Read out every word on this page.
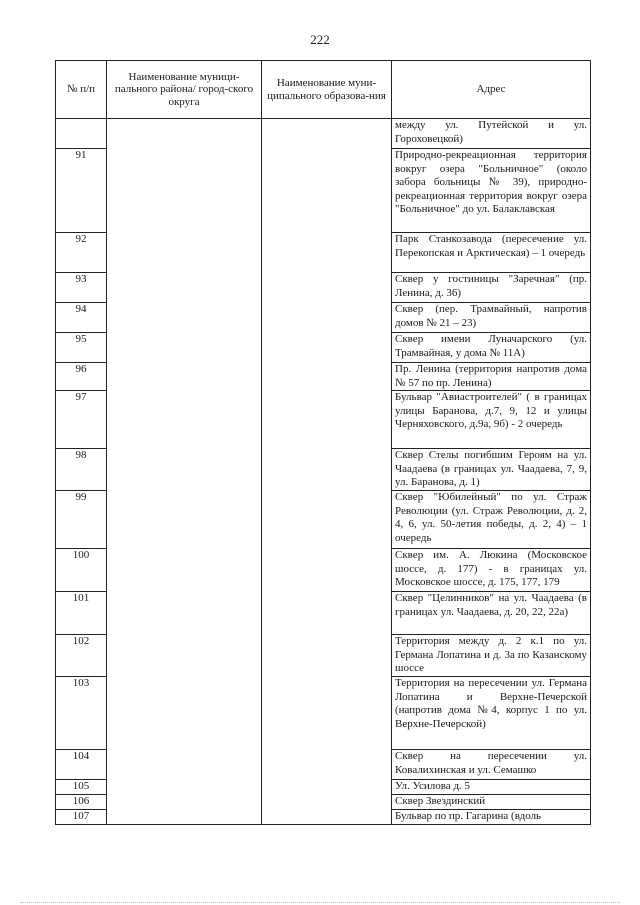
222
№ п/п	Наименование муници-пального района/ город-ского округа	Наименование муни-ципального образова-ния	Адрес
			между ул. Путейской и ул. Гороховецкой)
91			Природно-рекреационная территория вокруг озера "Больничное" (около забора больницы № 39), природно-рекреационная территория вокруг озера "Больничное" до ул. Балаклавская
92			Парк Станкозавода (пересечение ул. Перекопская и Арктическая) – 1 очередь
93			Сквер у гостиницы "Заречная" (пр. Ленина, д. 36)
94			Сквер (пер. Трамвайный, напротив домов № 21 – 23)
95			Сквер имени Луначарского (ул. Трамвайная, у дома № 11А)
96			Пр. Ленина (территория напротив дома № 57 по пр. Ленина)
97			Бульвар "Авиастроителей" ( в границах улицы Баранова, д.7, 9, 12 и улицы Черняховского, д.9а, 9б) - 2 очередь
98			Сквер Стелы погибшим Героям на ул. Чаадаева (в границах ул. Чаадаева, 7, 9, ул. Баранова, д. 1)
99			Сквер "Юбилейный" по ул. Страж Революции (ул. Страж Революции, д. 2, 4, 6, ул. 50-летия победы, д. 2, 4) – 1 очередь
100			Сквер им. А. Люкина (Московское шоссе, д. 177) - в границах ул. Московское шоссе, д. 175, 177, 179
101			Сквер "Целинников" на ул. Чаадаева (в границах ул. Чаадаева, д. 20, 22, 22а)
102			Территория между д. 2 к.1 по ул. Германа Лопатина и д. 3а по Казанскому шоссе
103			Территория на пересечении ул. Германа Лопатина и Верхне-Печерской (напротив дома №4, корпус 1 по ул. Верхне-Печерской)
104			Сквер на пересечении ул. Ковалихинская и ул. Семашко
105			Ул. Усилова д. 5
106			Сквер Звездинский
107			Бульвар по пр. Гагарина (вдоль
